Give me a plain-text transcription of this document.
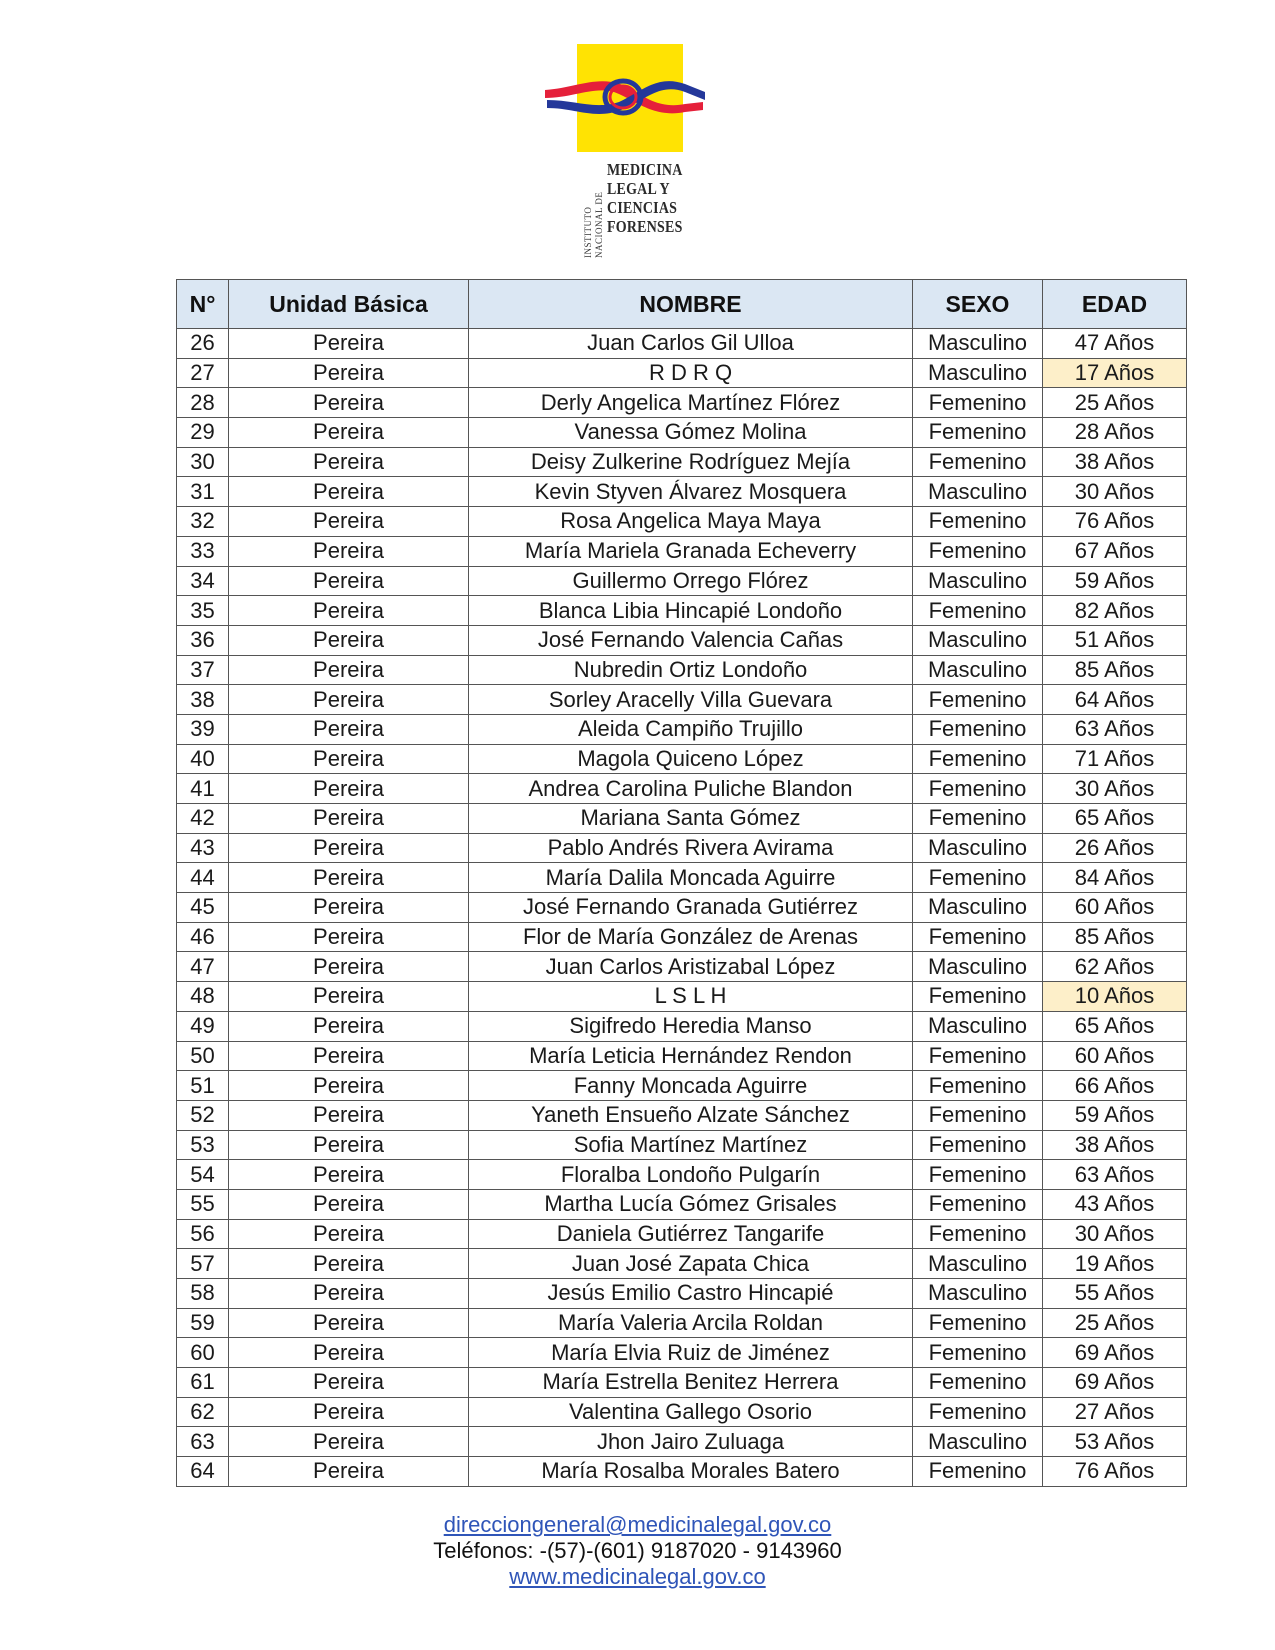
INSTITUTO NACIONAL DE
MEDICINA
LEGAL Y
CIENCIAS
FORENSES
N°	Unidad Básica	NOMBRE	SEXO	EDAD
26	Pereira	Juan Carlos Gil Ulloa	Masculino	47 Años
27	Pereira	R D R Q	Masculino	17 Años
28	Pereira	Derly Angelica Martínez Flórez	Femenino	25 Años
29	Pereira	Vanessa Gómez Molina	Femenino	28 Años
30	Pereira	Deisy Zulkerine Rodríguez Mejía	Femenino	38 Años
31	Pereira	Kevin Styven Álvarez Mosquera	Masculino	30 Años
32	Pereira	Rosa Angelica Maya Maya	Femenino	76 Años
33	Pereira	María Mariela Granada Echeverry	Femenino	67 Años
34	Pereira	Guillermo Orrego Flórez	Masculino	59 Años
35	Pereira	Blanca Libia Hincapié Londoño	Femenino	82 Años
36	Pereira	José Fernando Valencia Cañas	Masculino	51 Años
37	Pereira	Nubredin Ortiz Londoño	Masculino	85 Años
38	Pereira	Sorley Aracelly Villa Guevara	Femenino	64 Años
39	Pereira	Aleida Campiño Trujillo	Femenino	63 Años
40	Pereira	Magola Quiceno López	Femenino	71 Años
41	Pereira	Andrea Carolina Puliche Blandon	Femenino	30 Años
42	Pereira	Mariana Santa Gómez	Femenino	65 Años
43	Pereira	Pablo Andrés Rivera Avirama	Masculino	26 Años
44	Pereira	María Dalila Moncada Aguirre	Femenino	84 Años
45	Pereira	José Fernando Granada Gutiérrez	Masculino	60 Años
46	Pereira	Flor de María González de Arenas	Femenino	85 Años
47	Pereira	Juan Carlos Aristizabal López	Masculino	62 Años
48	Pereira	L S L H	Femenino	10 Años
49	Pereira	Sigifredo Heredia Manso	Masculino	65 Años
50	Pereira	María Leticia Hernández Rendon	Femenino	60 Años
51	Pereira	Fanny Moncada Aguirre	Femenino	66 Años
52	Pereira	Yaneth Ensueño Alzate Sánchez	Femenino	59 Años
53	Pereira	Sofia Martínez Martínez	Femenino	38 Años
54	Pereira	Floralba Londoño Pulgarín	Femenino	63 Años
55	Pereira	Martha Lucía Gómez Grisales	Femenino	43 Años
56	Pereira	Daniela Gutiérrez Tangarife	Femenino	30 Años
57	Pereira	Juan José Zapata Chica	Masculino	19 Años
58	Pereira	Jesús Emilio Castro Hincapié	Masculino	55 Años
59	Pereira	María Valeria Arcila Roldan	Femenino	25 Años
60	Pereira	María Elvia Ruiz de Jiménez	Femenino	69 Años
61	Pereira	María Estrella Benitez Herrera	Femenino	69 Años
62	Pereira	Valentina Gallego Osorio	Femenino	27 Años
63	Pereira	Jhon Jairo Zuluaga	Masculino	53 Años
64	Pereira	María Rosalba Morales Batero	Femenino	76 Años
direcciongeneral@medicinalegal.gov.co
Teléfonos: -(57)-(601) 9187020 - 9143960
www.medicinalegal.gov.co
